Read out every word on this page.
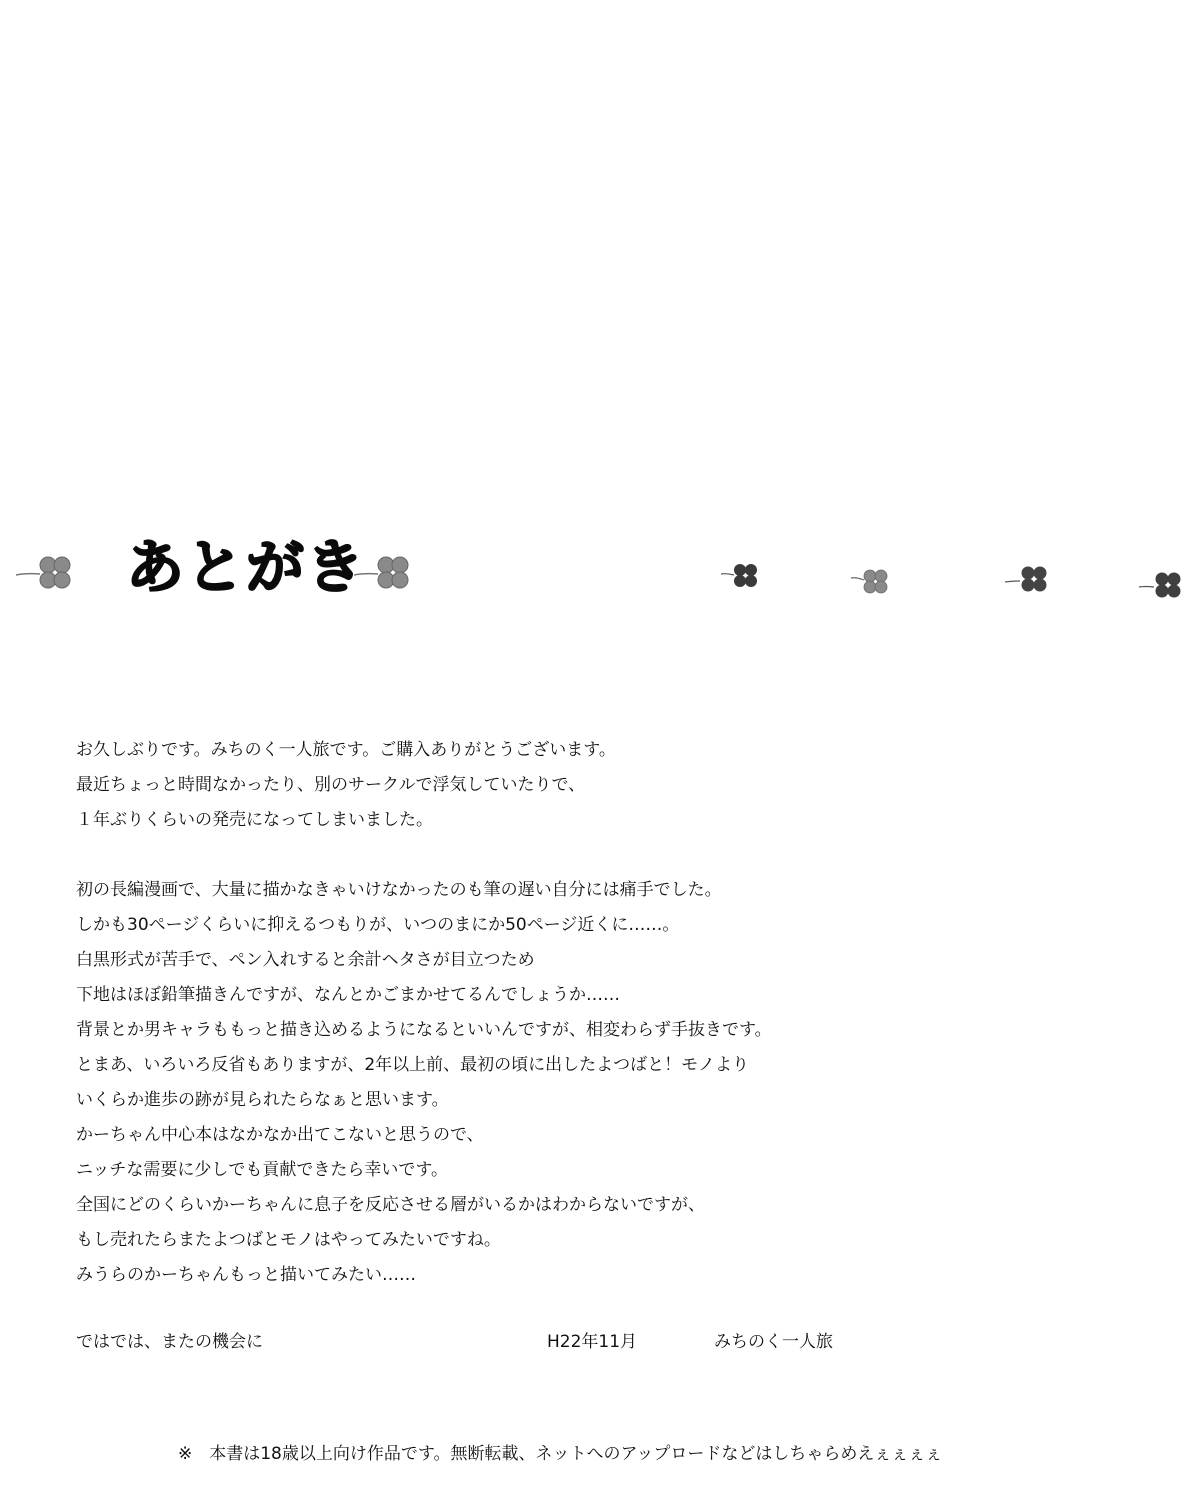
あとがき
お久しぶりです。みちのく一人旅です。ご購入ありがとうございます。
最近ちょっと時間なかったり、別のサークルで浮気していたりで、
１年ぶりくらいの発売になってしまいました。
初の長編漫画で、大量に描かなきゃいけなかったのも筆の遅い自分には痛手でした。
しかも30ページくらいに抑えるつもりが、いつのまにか50ページ近くに……。
白黒形式が苦手で、ペン入れすると余計ヘタさが目立つため
下地はほぼ鉛筆描きんですが、なんとかごまかせてるんでしょうか……
背景とか男キャラももっと描き込めるようになるといいんですが、相変わらず手抜きです。
とまあ、いろいろ反省もありますが、2年以上前、最初の頃に出したよつばと！モノより
いくらか進歩の跡が見られたらなぁと思います。
かーちゃん中心本はなかなか出てこないと思うので、
ニッチな需要に少しでも貢献できたら幸いです。
全国にどのくらいかーちゃんに息子を反応させる層がいるかはわからないですが、
もし売れたらまたよつばとモノはやってみたいですね。
みうらのかーちゃんもっと描いてみたい……
ではでは、またの機会に	H22年11月	みちのく一人旅
※　本書は18歳以上向け作品です。無断転載、ネットへのアップロードなどはしちゃらめえぇぇぇぇ
